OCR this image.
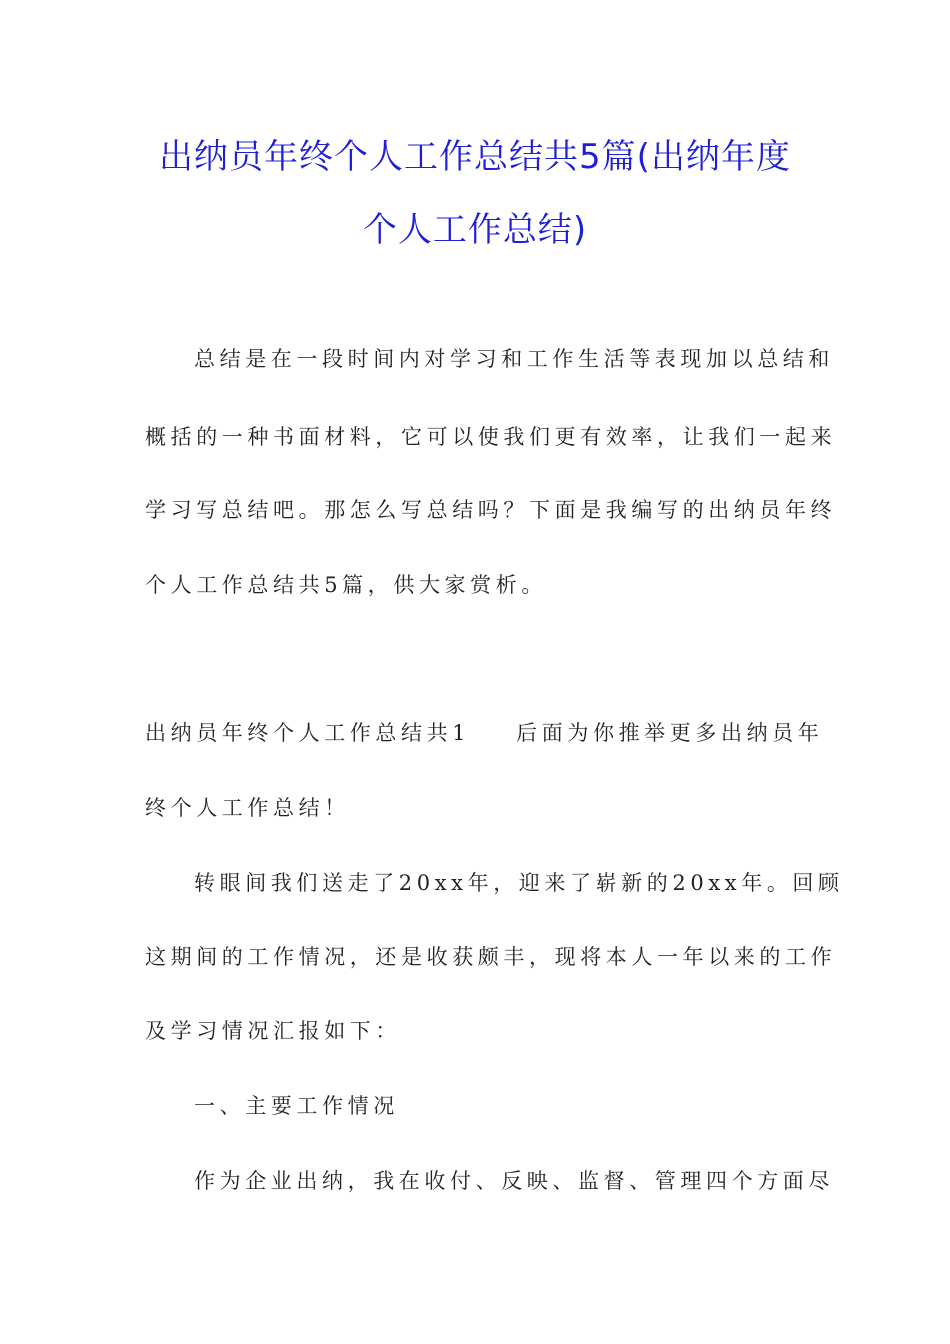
出纳员年终个人工作总结共5篇(出纳年度
个人工作总结)
总结是在一段时间内对学习和工作生活等表现加以总结和
概括的一种书面材料，它可以使我们更有效率，让我们一起来
学习写总结吧。那怎么写总结吗？下面是我编写的出纳员年终
个人工作总结共5篇，供大家赏析。
出纳员年终个人工作总结共1 后面为你推举更多出纳员年
终个人工作总结！
转眼间我们送走了20xx年，迎来了崭新的20xx年。回顾
这期间的工作情况，还是收获颇丰，现将本人一年以来的工作
及学习情况汇报如下：
一、主要工作情况
作为企业出纳，我在收付、反映、监督、管理四个方面尽
